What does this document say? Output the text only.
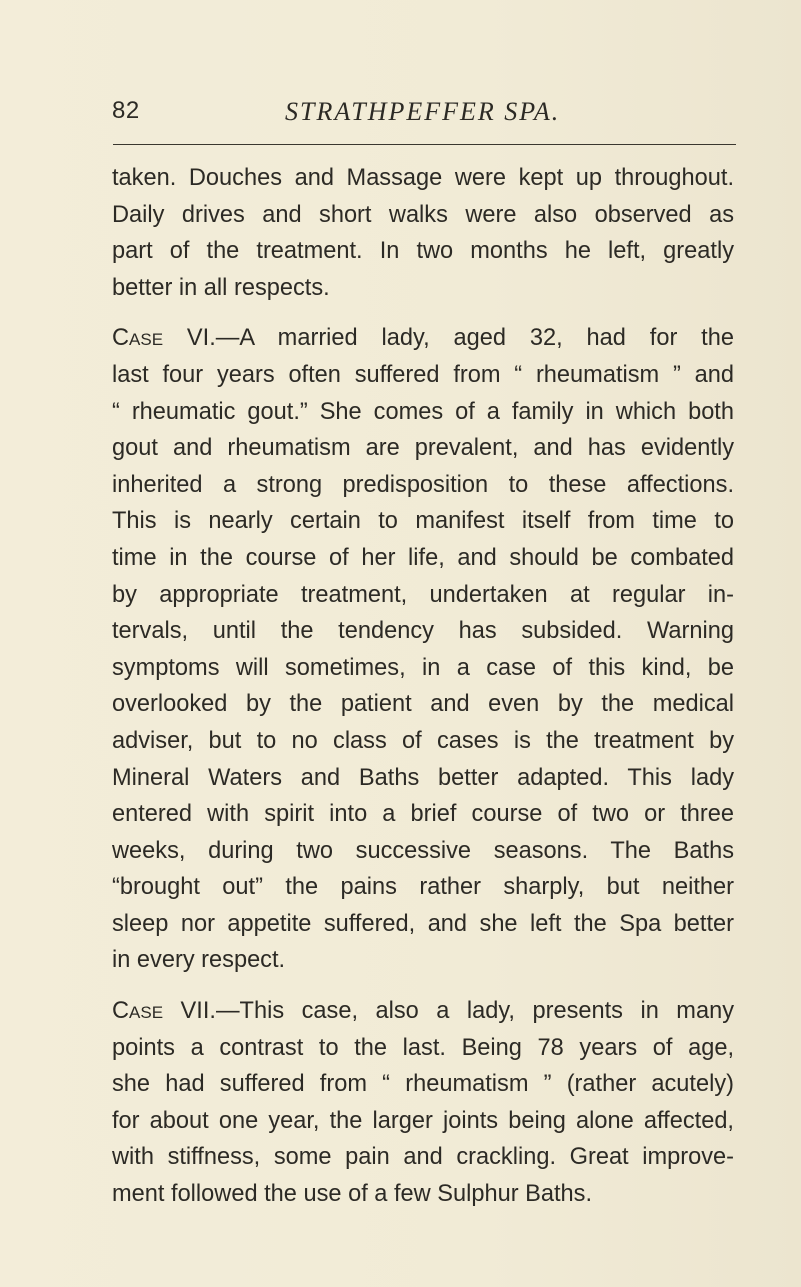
82	STRATHPEFFER SPA.
taken. Douches and Massage were kept up throughout.
Daily drives and short walks were also observed as
part of the treatment. In two months he left, greatly
better in all respects.
Case VI.—A married lady, aged 32, had for the
last four years often suffered from “ rheumatism ” and
“ rheumatic gout.” She comes of a family in which both
gout and rheumatism are prevalent, and has evidently
inherited a strong predisposition to these affections.
This is nearly certain to manifest itself from time to
time in the course of her life, and should be combated
by appropriate treatment, undertaken at regular in-
tervals, until the tendency has subsided. Warning
symptoms will sometimes, in a case of this kind, be
overlooked by the patient and even by the medical
adviser, but to no class of cases is the treatment by
Mineral Waters and Baths better adapted. This lady
entered with spirit into a brief course of two or three
weeks, during two successive seasons. The Baths
“brought out” the pains rather sharply, but neither
sleep nor appetite suffered, and she left the Spa better
in every respect.
Case VII.—This case, also a lady, presents in many
points a contrast to the last. Being 78 years of age,
she had suffered from “ rheumatism ” (rather acutely)
for about one year, the larger joints being alone affected,
with stiffness, some pain and crackling. Great improve-
ment followed the use of a few Sulphur Baths.
